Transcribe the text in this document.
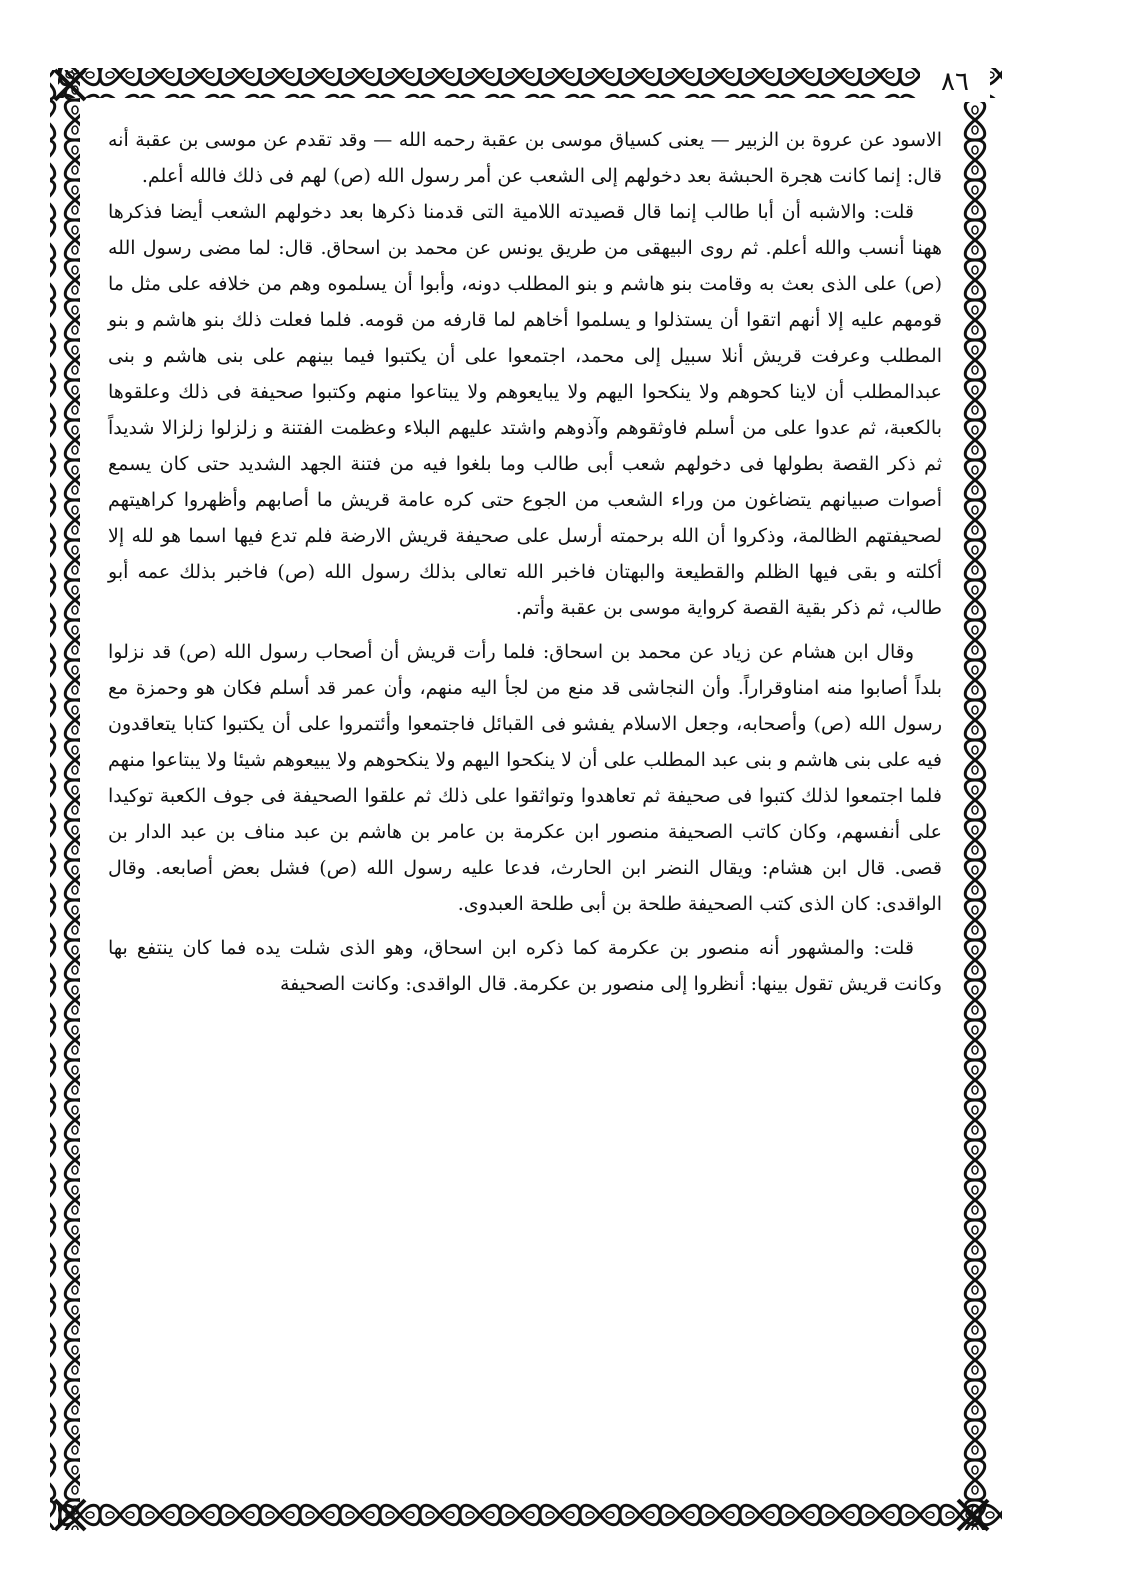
٨٦

الاسود عن عروة بن الزبير — يعنى كسياق موسى بن عقبة رحمه الله — وقد تقدم عن موسى بن عقبة أنه قال: إنما كانت هجرة الحبشة بعد دخولهم إلى الشعب عن أمر رسول الله (ص) لهم فى ذلك فالله أعلم.

قلت: والاشبه أن أبا طالب إنما قال قصيدته اللامية التى قدمنا ذكرها بعد دخولهم الشعب أيضا فذكرها ههنا أنسب والله أعلم. ثم روى البيهقى من طريق يونس عن محمد بن اسحاق. قال: لما مضى رسول الله (ص) على الذى بعث به وقامت بنو هاشم و بنو المطلب دونه، وأبوا أن يسلموه وهم من خلافه على مثل ما قومهم عليه إلا أنهم اتقوا أن يستذلوا و يسلموا أخاهم لما قارفه من قومه. فلما فعلت ذلك بنو هاشم و بنو المطلب وعرفت قريش أنلا سبيل إلى محمد، اجتمعوا على أن يكتبوا فيما بينهم على بنى هاشم و بنى عبدالمطلب أن لاينا كحوهم ولا ينكحوا اليهم ولا يبايعوهم ولا يبتاعوا منهم وكتبوا صحيفة فى ذلك وعلقوها بالكعبة، ثم عدوا على من أسلم فاوثقوهم وآذوهم واشتد عليهم البلاء وعظمت الفتنة و زلزلوا زلزالا شديداً ثم ذكر القصة بطولها فى دخولهم شعب أبى طالب وما بلغوا فيه من فتنة الجهد الشديد حتى كان يسمع أصوات صبيانهم يتضاغون من وراء الشعب من الجوع حتى كره عامة قريش ما أصابهم وأظهروا كراهيتهم لصحيفتهم الظالمة، وذكروا أن الله برحمته أرسل على صحيفة قريش الارضة فلم تدع فيها اسما هو لله إلا أكلته و بقى فيها الظلم والقطيعة والبهتان فاخبر الله تعالى بذلك رسول الله (ص) فاخبر بذلك عمه أبو طالب، ثم ذكر بقية القصة كرواية موسى بن عقبة وأتم.

وقال ابن هشام عن زياد عن محمد بن اسحاق: فلما رأت قريش أن أصحاب رسول الله (ص) قد نزلوا بلداً أصابوا منه امناوقراراً. وأن النجاشى قد منع من لجأ اليه منهم، وأن عمر قد أسلم فكان هو وحمزة مع رسول الله (ص) وأصحابه، وجعل الاسلام يفشو فى القبائل فاجتمعوا وأئتمروا على أن يكتبوا كتابا يتعاقدون فيه على بنى هاشم و بنى عبد المطلب على أن لا ينكحوا اليهم ولا ينكحوهم ولا يبيعوهم شيئا ولا يبتاعوا منهم فلما اجتمعوا لذلك كتبوا فى صحيفة ثم تعاهدوا وتواثقوا على ذلك ثم علقوا الصحيفة فى جوف الكعبة توكيدا على أنفسهم، وكان كاتب الصحيفة منصور ابن عكرمة بن عامر بن هاشم بن عبد مناف بن عبد الدار بن قصى. قال ابن هشام: ويقال النضر ابن الحارث، فدعا عليه رسول الله (ص) فشل بعض أصابعه. وقال الواقدى: كان الذى كتب الصحيفة طلحة بن أبى طلحة العبدوى.

قلت: والمشهور أنه منصور بن عكرمة كما ذكره ابن اسحاق، وهو الذى شلت يده فما كان ينتفع بها وكانت قريش تقول بينها: أنظروا إلى منصور بن عكرمة. قال الواقدى: وكانت الصحيفة
